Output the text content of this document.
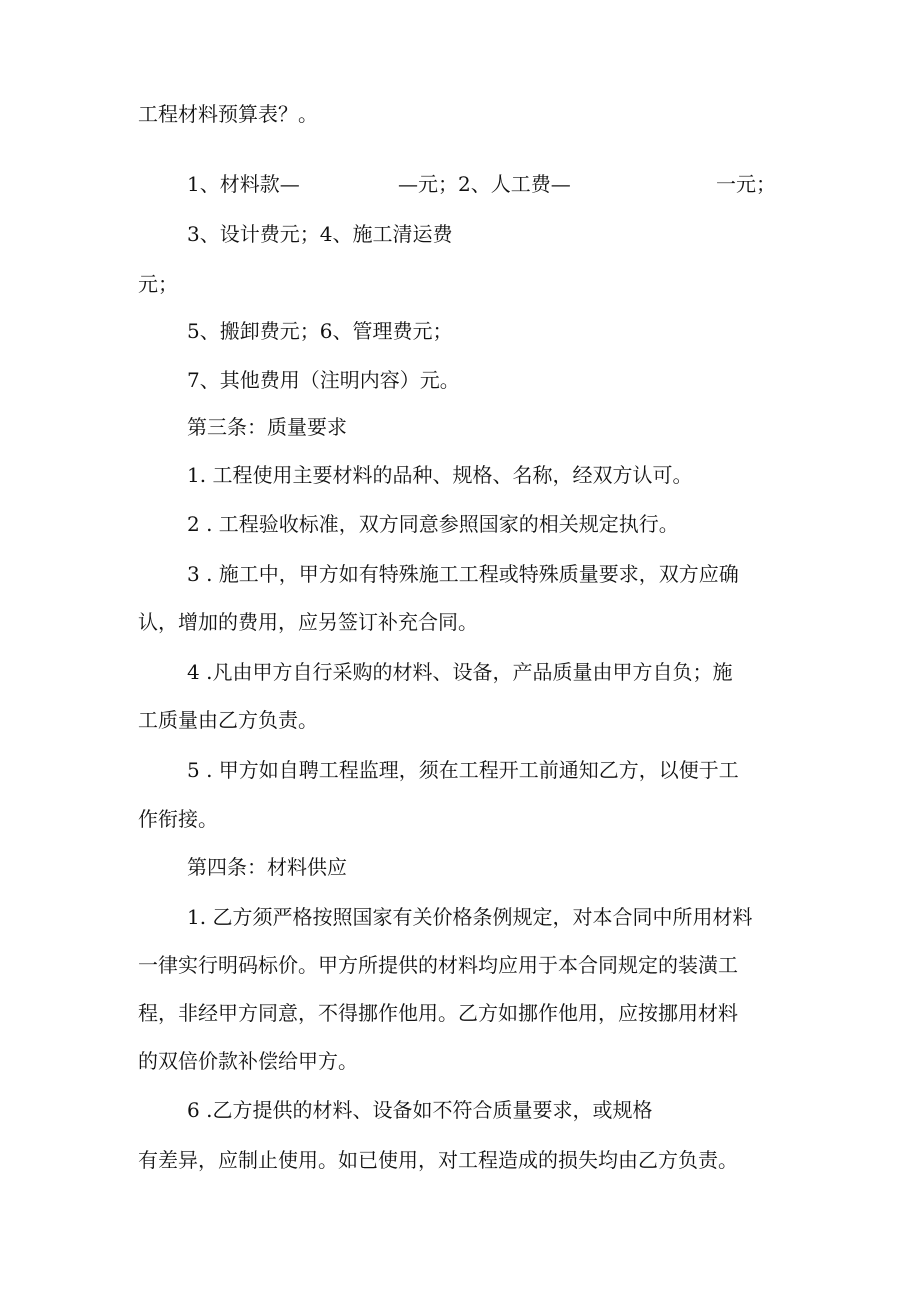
工程材料预算表？。
1、材料款—	—元；2、人工费—	一元；
3、设计费元；4、施工清运费
元；
5、搬卸费元；6、管理费元；
7、其他费用（注明内容）元。
第三条：质量要求
1. 工程使用主要材料的品种、规格、名称，经双方认可。
2 . 工程验收标准，双方同意参照国家的相关规定执行。
3 . 施工中，甲方如有特殊施工工程或特殊质量要求，双方应确
认，增加的费用，应另签订补充合同。
4 .凡由甲方自行采购的材料、设备，产品质量由甲方自负；施
工质量由乙方负责。
5 . 甲方如自聘工程监理，须在工程开工前通知乙方，以便于工
作衔接。
第四条：材料供应
1. 乙方须严格按照国家有关价格条例规定，对本合同中所用材料
一律实行明码标价。甲方所提供的材料均应用于本合同规定的装潢工
程，非经甲方同意，不得挪作他用。乙方如挪作他用，应按挪用材料
的双倍价款补偿给甲方。
6 .乙方提供的材料、设备如不符合质量要求，或规格
有差异，应制止使用。如已使用，对工程造成的损失均由乙方负责。
